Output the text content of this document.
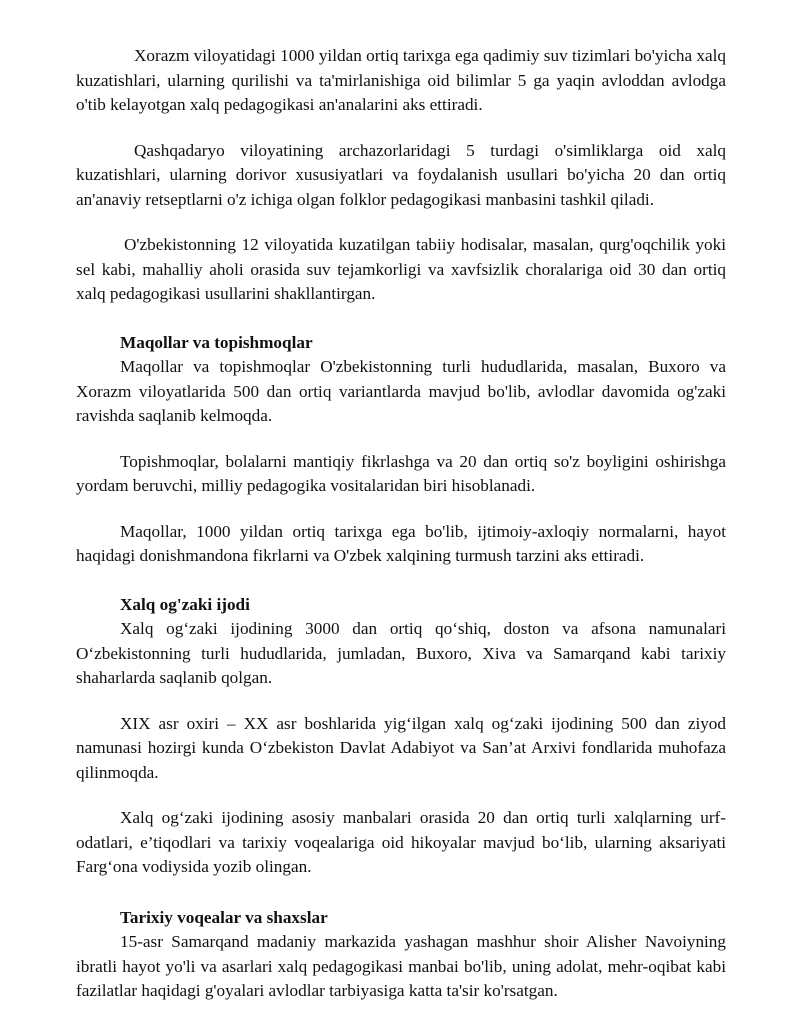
Xorazm viloyatidagi 1000 yildan ortiq tarixga ega qadimiy suv tizimlari bo'yicha xalq kuzatishlari, ularning qurilishi va ta'mirlanishiga oid bilimlar 5 ga yaqin avloddan avlodga o'tib kelayotgan xalq pedagogikasi an'analarini aks ettiradi.

Qashqadaryo viloyatining archazorlaridagi 5 turdagi o'simliklarga oid xalq kuzatishlari, ularning dorivor xususiyatlari va foydalanish usullari bo'yicha 20 dan ortiq an'anaviy retseptlarni o'z ichiga olgan folklor pedagogikasi manbasini tashkil qiladi.

O'zbekistonning 12 viloyatida kuzatilgan tabiiy hodisalar, masalan, qurg'oqchilik yoki sel kabi, mahalliy aholi orasida suv tejamkorligi va xavfsizlik choralariga oid 30 dan ortiq xalq pedagogikasi usullarini shakllantirgan.

Maqollar va topishmoqlar

Maqollar va topishmoqlar O'zbekistonning turli hududlarida, masalan, Buxoro va Xorazm viloyatlarida 500 dan ortiq variantlarda mavjud bo'lib, avlodlar davomida og'zaki ravishda saqlanib kelmoqda.

Topishmoqlar, bolalarni mantiqiy fikrlashga va 20 dan ortiq so'z boyligini oshirishga yordam beruvchi, milliy pedagogika vositalaridan biri hisoblanadi.

Maqollar, 1000 yildan ortiq tarixga ega bo'lib, ijtimoiy-axloqiy normalarni, hayot haqidagi donishmandona fikrlarni va O'zbek xalqining turmush tarzini aks ettiradi.

Xalq og'zaki ijodi

Xalq og‘zaki ijodining 3000 dan ortiq qo‘shiq, doston va afsona namunalari O‘zbekistonning turli hududlarida, jumladan, Buxoro, Xiva va Samarqand kabi tarixiy shaharlarda saqlanib qolgan.

XIX asr oxiri – XX asr boshlarida yig‘ilgan xalq og‘zaki ijodining 500 dan ziyod namunasi hozirgi kunda O‘zbekiston Davlat Adabiyot va San’at Arxivi fondlarida muhofaza qilinmoqda.

Xalq og‘zaki ijodining asosiy manbalari orasida 20 dan ortiq turli xalqlarning urf-odatlari, e’tiqodlari va tarixiy voqealariga oid hikoyalar mavjud bo‘lib, ularning aksariyati Farg‘ona vodiysida yozib olingan.

Tarixiy voqealar va shaxslar

15-asr Samarqand madaniy markazida yashagan mashhur shoir Alisher Navoiyning ibratli hayot yo'li va asarlari xalq pedagogikasi manbai bo'lib, uning adolat, mehr-oqibat kabi fazilatlar haqidagi g'oyalari avlodlar tarbiyasiga katta ta'sir ko'rsatgan.
